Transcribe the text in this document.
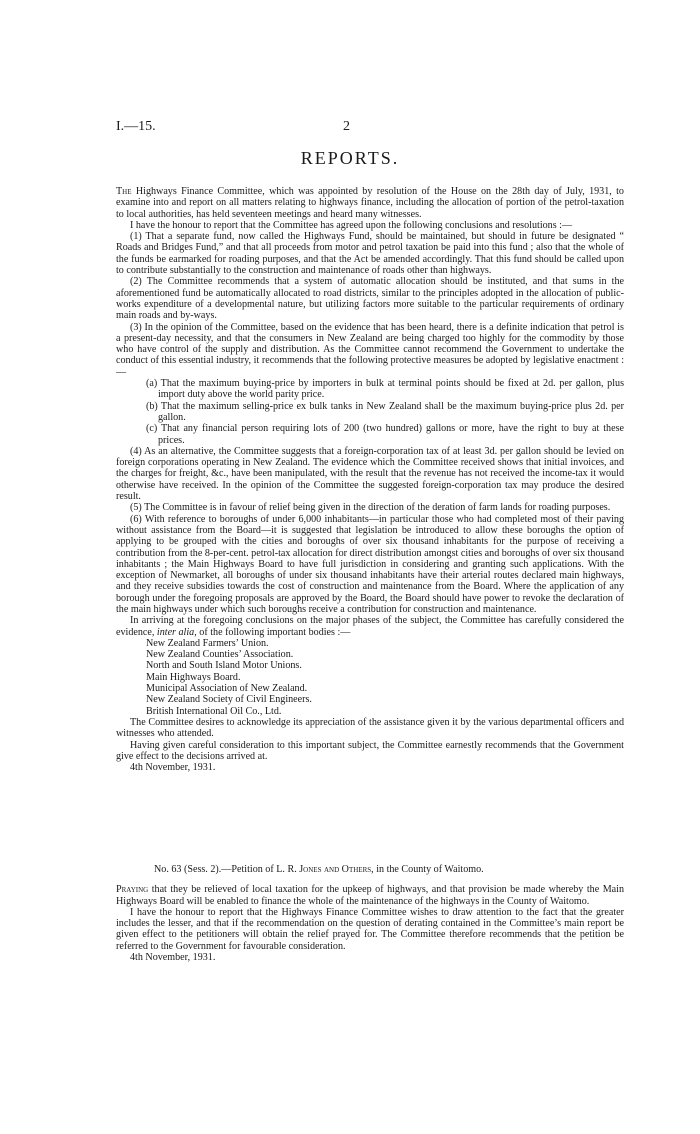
I.—15.	2
REPORTS.

The Highways Finance Committee, which was appointed by resolution of the House on the 28th day of July, 1931, to examine into and report on all matters relating to highways finance, including the allocation of portion of the petrol-taxation to local authorities, has held seventeen meetings and heard many witnesses.

I have the honour to report that the Committee has agreed upon the following conclusions and resolutions :—

(1) That a separate fund, now called the Highways Fund, should be maintained, but should in future be designated “ Roads and Bridges Fund,” and that all proceeds from motor and petrol taxation be paid into this fund ; also that the whole of the funds be earmarked for roading purposes, and that the Act be amended accordingly. That this fund should be called upon to contribute substantially to the construction and maintenance of roads other than highways.

(2) The Committee recommends that a system of automatic allocation should be instituted, and that sums in the aforementioned fund be automatically allocated to road districts, similar to the principles adopted in the allocation of public-works expenditure of a developmental nature, but utilizing factors more suitable to the particular requirements of ordinary main roads and by-ways.

(3) In the opinion of the Committee, based on the evidence that has been heard, there is a definite indication that petrol is a present-day necessity, and that the consumers in New Zealand are being charged too highly for the commodity by those who have control of the supply and distribution. As the Committee cannot recommend the Government to undertake the conduct of this essential industry, it recommends that the following protective measures be adopted by legislative enactment :—

(a) That the maximum buying-price by importers in bulk at terminal points should be fixed at 2d. per gallon, plus import duty above the world parity price.

(b) That the maximum selling-price ex bulk tanks in New Zealand shall be the maximum buying-price plus 2d. per gallon.

(c) That any financial person requiring lots of 200 (two hundred) gallons or more, have the right to buy at these prices.

(4) As an alternative, the Committee suggests that a foreign-corporation tax of at least 3d. per gallon should be levied on foreign corporations operating in New Zealand. The evidence which the Committee received shows that initial invoices, and the charges for freight, &c., have been manipulated, with the result that the revenue has not received the income-tax it would otherwise have received. In the opinion of the Committee the suggested foreign-corporation tax may produce the desired result.

(5) The Committee is in favour of relief being given in the direction of the deration of farm lands for roading purposes.

(6) With reference to boroughs of under 6,000 inhabitants—in particular those who had completed most of their paving without assistance from the Board—it is suggested that legislation be introduced to allow these boroughs the option of applying to be grouped with the cities and boroughs of over six thousand inhabitants for the purpose of receiving a contribution from the 8-per-cent. petrol-tax allocation for direct distribution amongst cities and boroughs of over six thousand inhabitants ; the Main Highways Board to have full jurisdiction in considering and granting such applications. With the exception of Newmarket, all boroughs of under six thousand inhabitants have their arterial routes declared main highways, and they receive subsidies towards the cost of construction and maintenance from the Board. Where the application of any borough under the foregoing proposals are approved by the Board, the Board should have power to revoke the declaration of the main highways under which such boroughs receive a contribution for construction and maintenance.

In arriving at the foregoing conclusions on the major phases of the subject, the Committee has carefully considered the evidence, inter alia, of the following important bodies :—

New Zealand Farmers’ Union.

New Zealand Counties’ Association.

North and South Island Motor Unions.

Main Highways Board.

Municipal Association of New Zealand.

New Zealand Society of Civil Engineers.

British International Oil Co., Ltd.

The Committee desires to acknowledge its appreciation of the assistance given it by the various departmental officers and witnesses who attended.

Having given careful consideration to this important subject, the Committee earnestly recommends that the Government give effect to the decisions arrived at.

4th November, 1931.

No. 63 (Sess. 2).—Petition of L. R. Jones and Others, in the County of Waitomo.

Praying that they be relieved of local taxation for the upkeep of highways, and that provision be made whereby the Main Highways Board will be enabled to finance the whole of the maintenance of the highways in the County of Waitomo.

I have the honour to report that the Highways Finance Committee wishes to draw attention to the fact that the greater includes the lesser, and that if the recommendation on the question of derating contained in the Committee’s main report be given effect to the petitioners will obtain the relief prayed for. The Committee therefore recommends that the petition be referred to the Government for favourable consideration.

4th November, 1931.
